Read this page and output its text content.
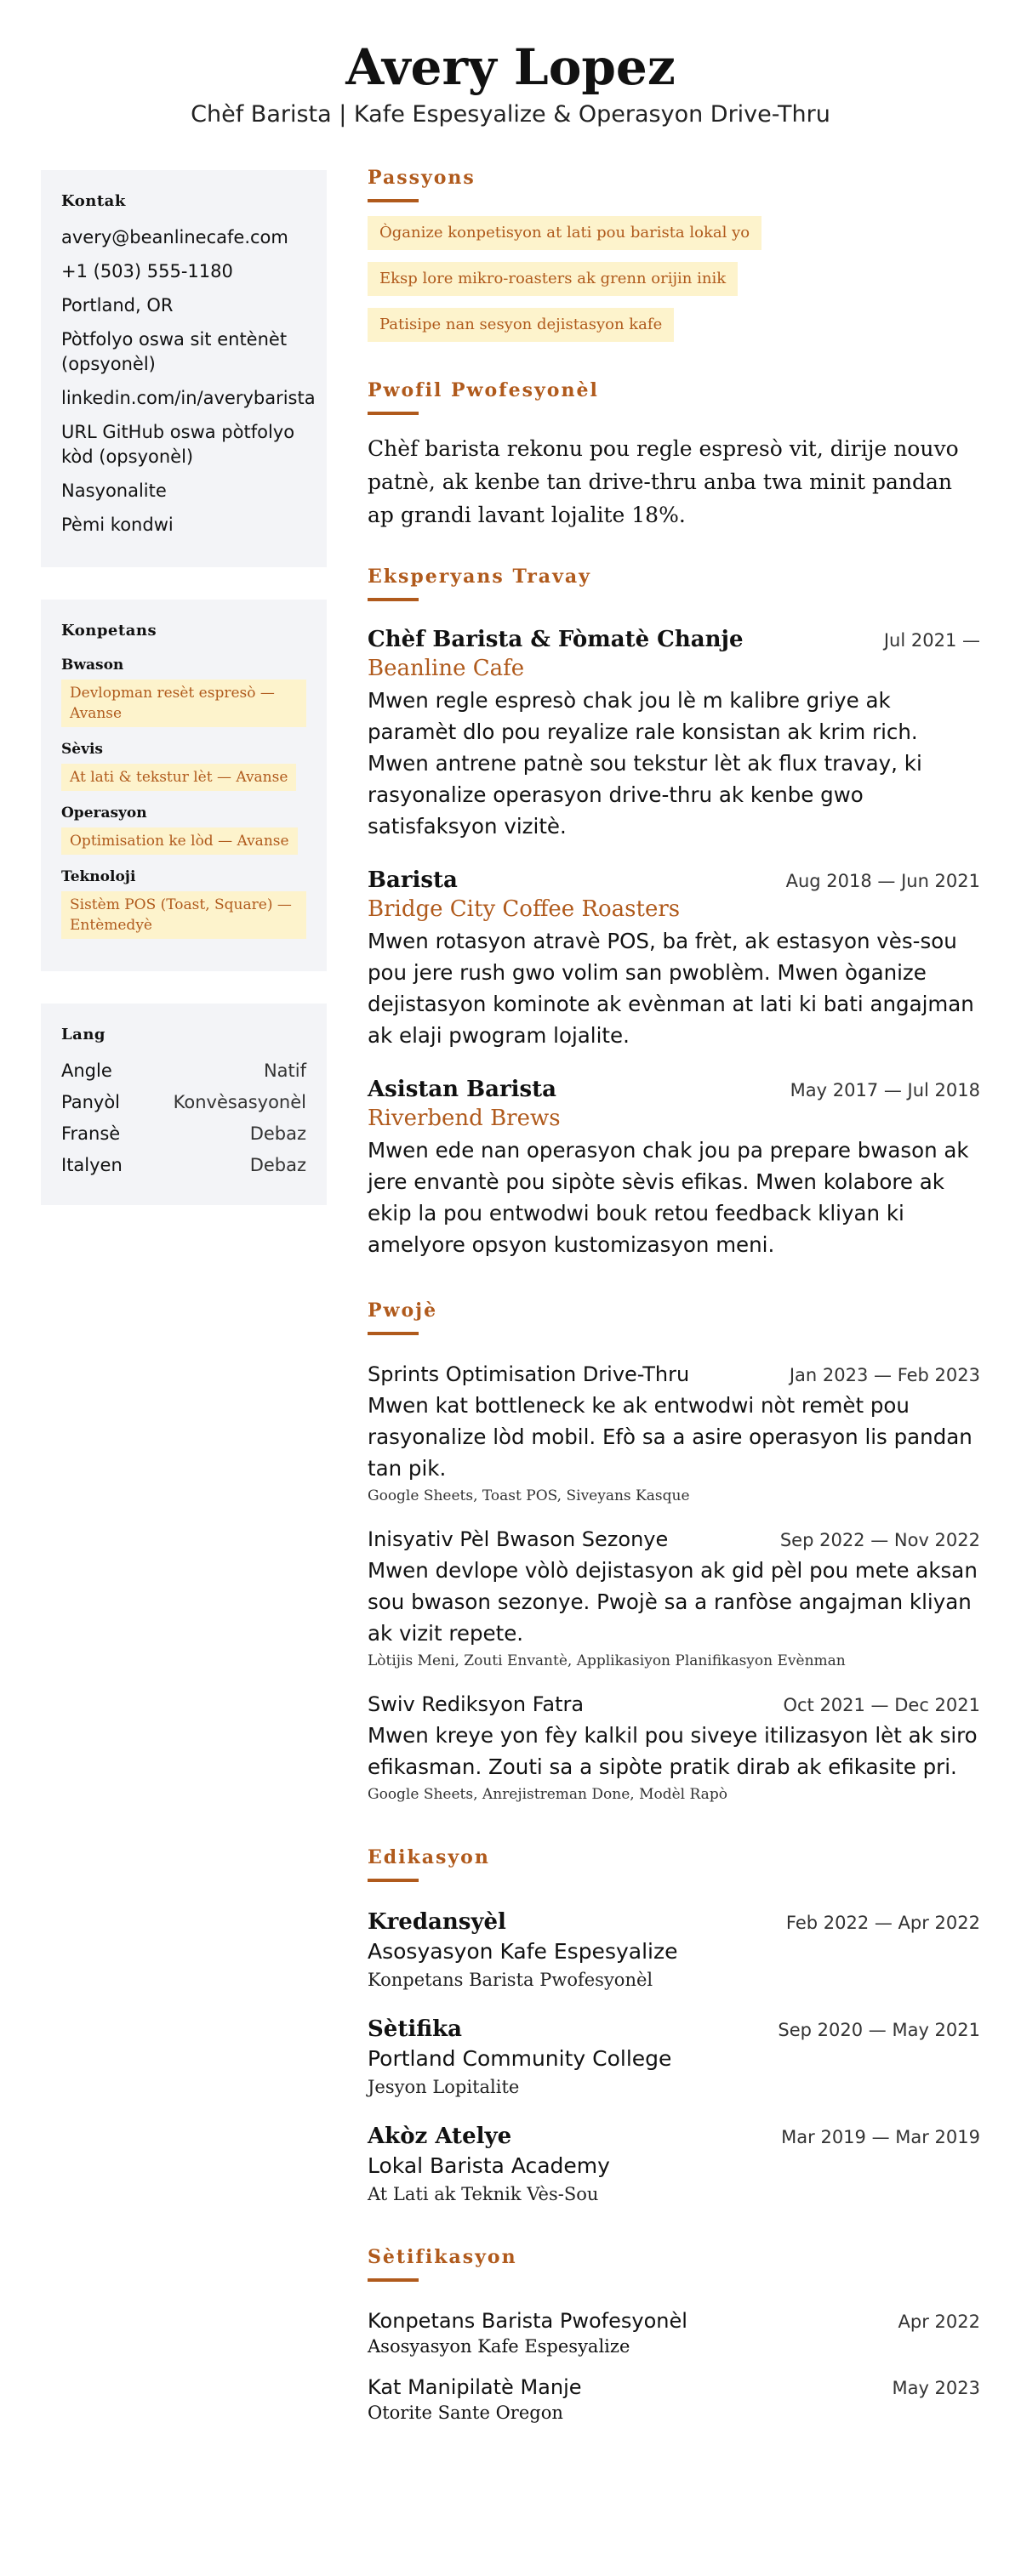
Avery Lopez
Chèf Barista | Kafe Espesyalize & Operasyon Drive-Thru
Kontak
avery@beanlinecafe.com
+1 (503) 555-1180
Portland, OR
Pòtfolyo oswa sit entènèt (opsyonèl)
linkedin.com/in/averybarista
URL GitHub oswa pòtfolyo kòd (opsyonèl)
Nasyonalite
Pèmi kondwi
Konpetans
Bwason
Devlopman resèt espresò — Avanse
Sèvis
At lati & tekstur lèt — Avanse
Operasyon
Optimisation ke lòd — Avanse
Teknoloji
Sistèm POS (Toast, Square) — Entèmedyè
Lang
Angle	Natif
Panyòl	Konvèsasyonèl
Fransè	Debaz
Italyen	Debaz
Passyons
Òganize konpetisyon at lati pou barista lokal yo
Eksp lore mikro-roasters ak grenn orijin inik
Patisipe nan sesyon dejistasyon kafe
Pwofil Pwofesyonèl

Chèf barista rekonu pou regle espresò vit, dirije nouvo patnè, ak kenbe tan drive-thru anba twa minit pandan ap grandi lavant lojalite 18%.

Eksperyans Travay
Chèf Barista & Fòmatè Chanje	Jul 2021 —
Beanline Cafe

Mwen regle espresò chak jou lè m kalibre griye ak paramèt dlo pou reyalize rale konsistan ak krim rich. Mwen antrene patnè sou tekstur lèt ak flux travay, ki rasyonalize operasyon drive-thru ak kenbe gwo satisfaksyon vizitè.

Barista	Aug 2018 — Jun 2021
Bridge City Coffee Roasters

Mwen rotasyon atravè POS, ba frèt, ak estasyon vès-sou pou jere rush gwo volim san pwoblèm. Mwen òganize dejistasyon kominote ak evènman at lati ki bati angajman ak elaji pwogram lojalite.

Asistan Barista	May 2017 — Jul 2018
Riverbend Brews

Mwen ede nan operasyon chak jou pa prepare bwason ak jere envantè pou sipòte sèvis efikas. Mwen kolabore ak ekip la pou entwodwi bouk retou feedback kliyan ki amelyore opsyon kustomizasyon meni.

Pwojè
Sprints Optimisation Drive-Thru	Jan 2023 — Feb 2023

Mwen kat bottleneck ke ak entwodwi nòt remèt pou rasyonalize lòd mobil. Efò sa a asire operasyon lis pandan tan pik.

Google Sheets, Toast POS, Siveyans Kasque
Inisyativ Pèl Bwason Sezonye	Sep 2022 — Nov 2022

Mwen devlope vòlò dejistasyon ak gid pèl pou mete aksan sou bwason sezonye. Pwojè sa a ranfòse angajman kliyan ak vizit repete.

Lòtijis Meni, Zouti Envantè, Applikasiyon Planifikasyon Evènman
Swiv Rediksyon Fatra	Oct 2021 — Dec 2021

Mwen kreye yon fèy kalkil pou siveye itilizasyon lèt ak siro efikasman. Zouti sa a sipòte pratik dirab ak efikasite pri.

Google Sheets, Anrejistreman Done, Modèl Rapò
Edikasyon
Kredansyèl	Feb 2022 — Apr 2022
Asosyasyon Kafe Espesyalize
Konpetans Barista Pwofesyonèl
Sètifika	Sep 2020 — May 2021
Portland Community College
Jesyon Lopitalite
Akòz Atelye	Mar 2019 — Mar 2019
Lokal Barista Academy
At Lati ak Teknik Vès-Sou
Sètifikasyon
Konpetans Barista Pwofesyonèl	Apr 2022
Asosyasyon Kafe Espesyalize
Kat Manipilatè Manje	May 2023
Otorite Sante Oregon
